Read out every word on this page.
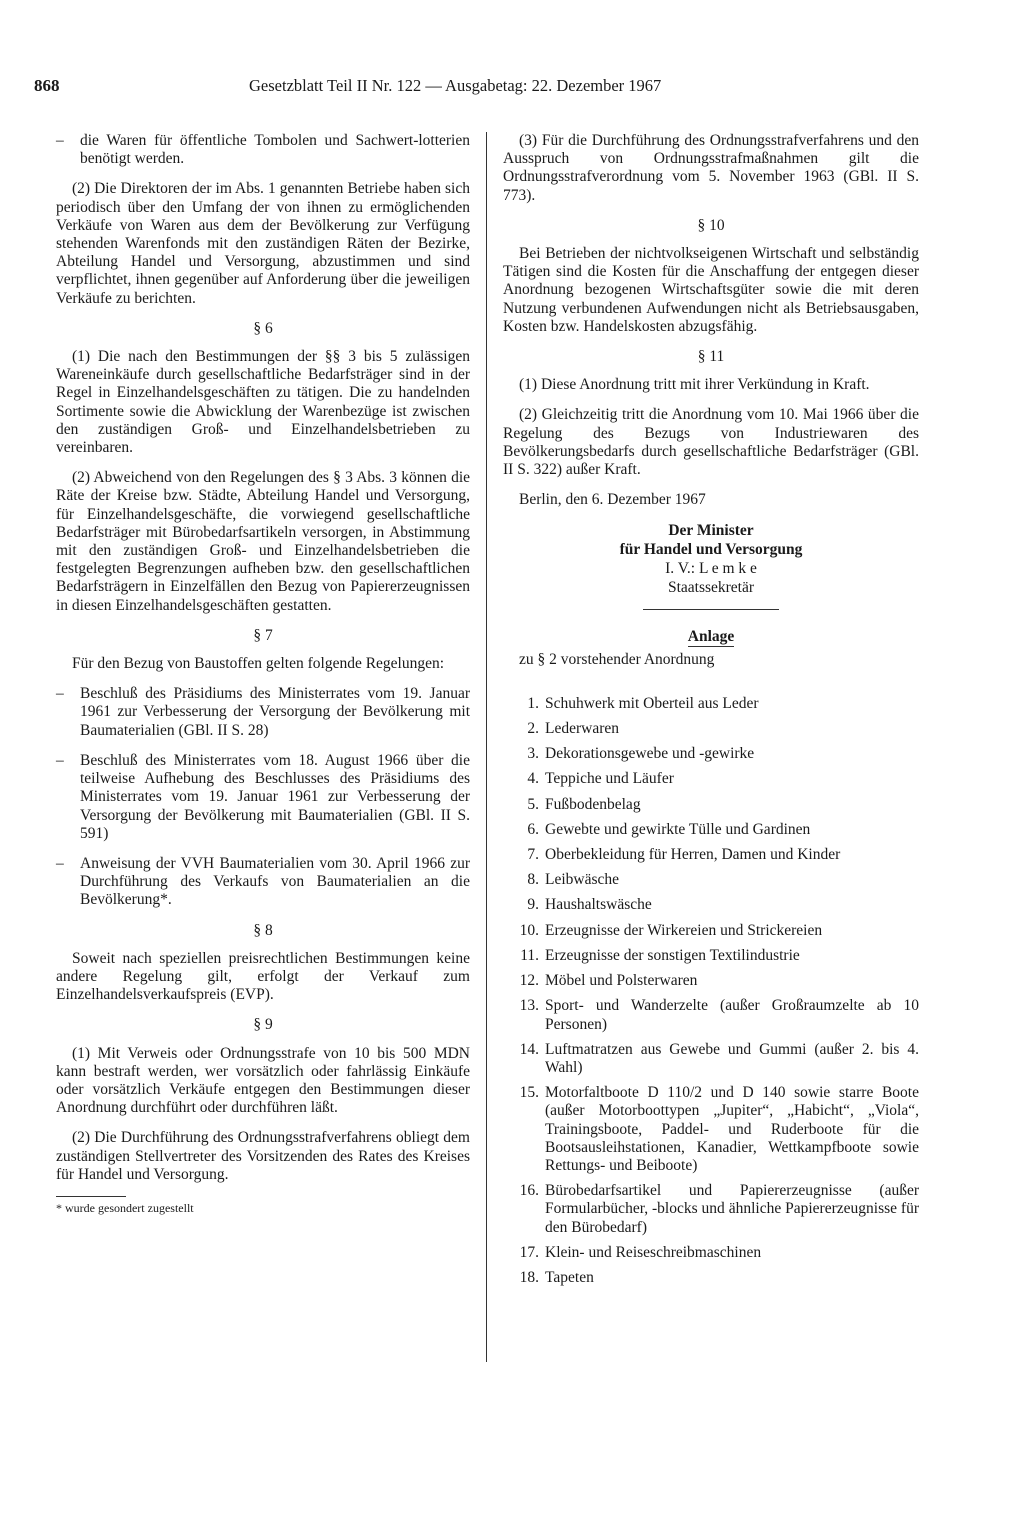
868	Gesetzblatt Teil II Nr. 122 — Ausgabetag: 22. Dezember 1967
–	die Waren für öffentliche Tombolen und Sachwert-lotterien benötigt werden.

(2) Die Direktoren der im Abs. 1 genannten Betriebe haben sich periodisch über den Umfang der von ihnen zu ermöglichenden Verkäufe von Waren aus dem der Bevölkerung zur Verfügung stehenden Warenfonds mit den zuständigen Räten der Bezirke, Abteilung Handel und Versorgung, abzustimmen und sind verpflichtet, ihnen gegenüber auf Anforderung über die jeweiligen Verkäufe zu berichten.

§ 6

(1) Die nach den Bestimmungen der §§ 3 bis 5 zulässigen Wareneinkäufe durch gesellschaftliche Bedarfsträger sind in der Regel in Einzelhandelsgeschäften zu tätigen. Die zu handelnden Sortimente sowie die Abwicklung der Warenbezüge ist zwischen den zuständigen Groß- und Einzelhandelsbetrieben zu vereinbaren.

(2) Abweichend von den Regelungen des § 3 Abs. 3 können die Räte der Kreise bzw. Städte, Abteilung Handel und Versorgung, für Einzelhandelsgeschäfte, die vorwiegend gesellschaftliche Bedarfsträger mit Bürobedarfsartikeln versorgen, in Abstimmung mit den zuständigen Groß- und Einzelhandelsbetrieben die festgelegten Begrenzungen aufheben bzw. den gesellschaftlichen Bedarfsträgern in Einzelfällen den Bezug von Papiererzeugnissen in diesen Einzelhandelsgeschäften gestatten.

§ 7

Für den Bezug von Baustoffen gelten folgende Regelungen:

–	Beschluß des Präsidiums des Ministerrates vom 19. Januar 1961 zur Verbesserung der Versorgung der Bevölkerung mit Baumaterialien (GBl. II S. 28)
–	Beschluß des Ministerrates vom 18. August 1966 über die teilweise Aufhebung des Beschlusses des Präsidiums des Ministerrates vom 19. Januar 1961 zur Verbesserung der Versorgung der Bevölkerung mit Baumaterialien (GBl. II S. 591)
–	Anweisung der VVH Baumaterialien vom 30. April 1966 zur Durchführung des Verkaufs von Baumaterialien an die Bevölkerung*.
§ 8

Soweit nach speziellen preisrechtlichen Bestimmungen keine andere Regelung gilt, erfolgt der Verkauf zum Einzelhandelsverkaufspreis (EVP).

§ 9

(1) Mit Verweis oder Ordnungsstrafe von 10 bis 500 MDN kann bestraft werden, wer vorsätzlich oder fahrlässig Einkäufe oder vorsätzlich Verkäufe entgegen den Bestimmungen dieser Anordnung durchführt oder durchführen läßt.

(2) Die Durchführung des Ordnungsstrafverfahrens obliegt dem zuständigen Stellvertreter des Vorsitzenden des Rates des Kreises für Handel und Versorgung.

* wurde gesondert zugestellt

(3) Für die Durchführung des Ordnungsstrafverfahrens und den Ausspruch von Ordnungsstrafmaßnahmen gilt die Ordnungsstrafverordnung vom 5. November 1963 (GBl. II S. 773).

§ 10

Bei Betrieben der nichtvolkseigenen Wirtschaft und selbständig Tätigen sind die Kosten für die Anschaffung der entgegen dieser Anordnung bezogenen Wirtschaftsgüter sowie die mit deren Nutzung verbundenen Aufwendungen nicht als Betriebsausgaben, Kosten bzw. Handelskosten abzugsfähig.

§ 11

(1) Diese Anordnung tritt mit ihrer Verkündung in Kraft.

(2) Gleichzeitig tritt die Anordnung vom 10. Mai 1966 über die Regelung des Bezugs von Industriewaren des Bevölkerungsbedarfs durch gesellschaftliche Bedarfsträger (GBl. II S. 322) außer Kraft.

Berlin, den 6. Dezember 1967

Der Minister
für Handel und Versorgung
I. V.: L e m k e
Staatssekretär
Anlage

zu § 2 vorstehender Anordnung

1. Schuhwerk mit Oberteil aus Leder
2. Lederwaren
3. Dekorationsgewebe und -gewirke
4. Teppiche und Läufer
5. Fußbodenbelag
6. Gewebte und gewirkte Tülle und Gardinen
7. Oberbekleidung für Herren, Damen und Kinder
8. Leibwäsche
9. Haushaltswäsche
10. Erzeugnisse der Wirkereien und Strickereien
11. Erzeugnisse der sonstigen Textilindustrie
12. Möbel und Polsterwaren
13. Sport- und Wanderzelte (außer Großraumzelte ab 10 Personen)
14. Luftmatratzen aus Gewebe und Gummi (außer 2. bis 4. Wahl)
15. Motorfaltboote D 110/2 und D 140 sowie starre Boote (außer Motorboottypen „Jupiter“, „Habicht“, „Viola“, Trainingsboote, Paddel- und Ruderboote für die Bootsausleihstationen, Kanadier, Wettkampfboote sowie Rettungs- und Beiboote)
16. Bürobedarfsartikel und Papiererzeugnisse (außer Formularbücher, -blocks und ähnliche Papiererzeugnisse für den Bürobedarf)
17. Klein- und Reiseschreibmaschinen
18. Tapeten
